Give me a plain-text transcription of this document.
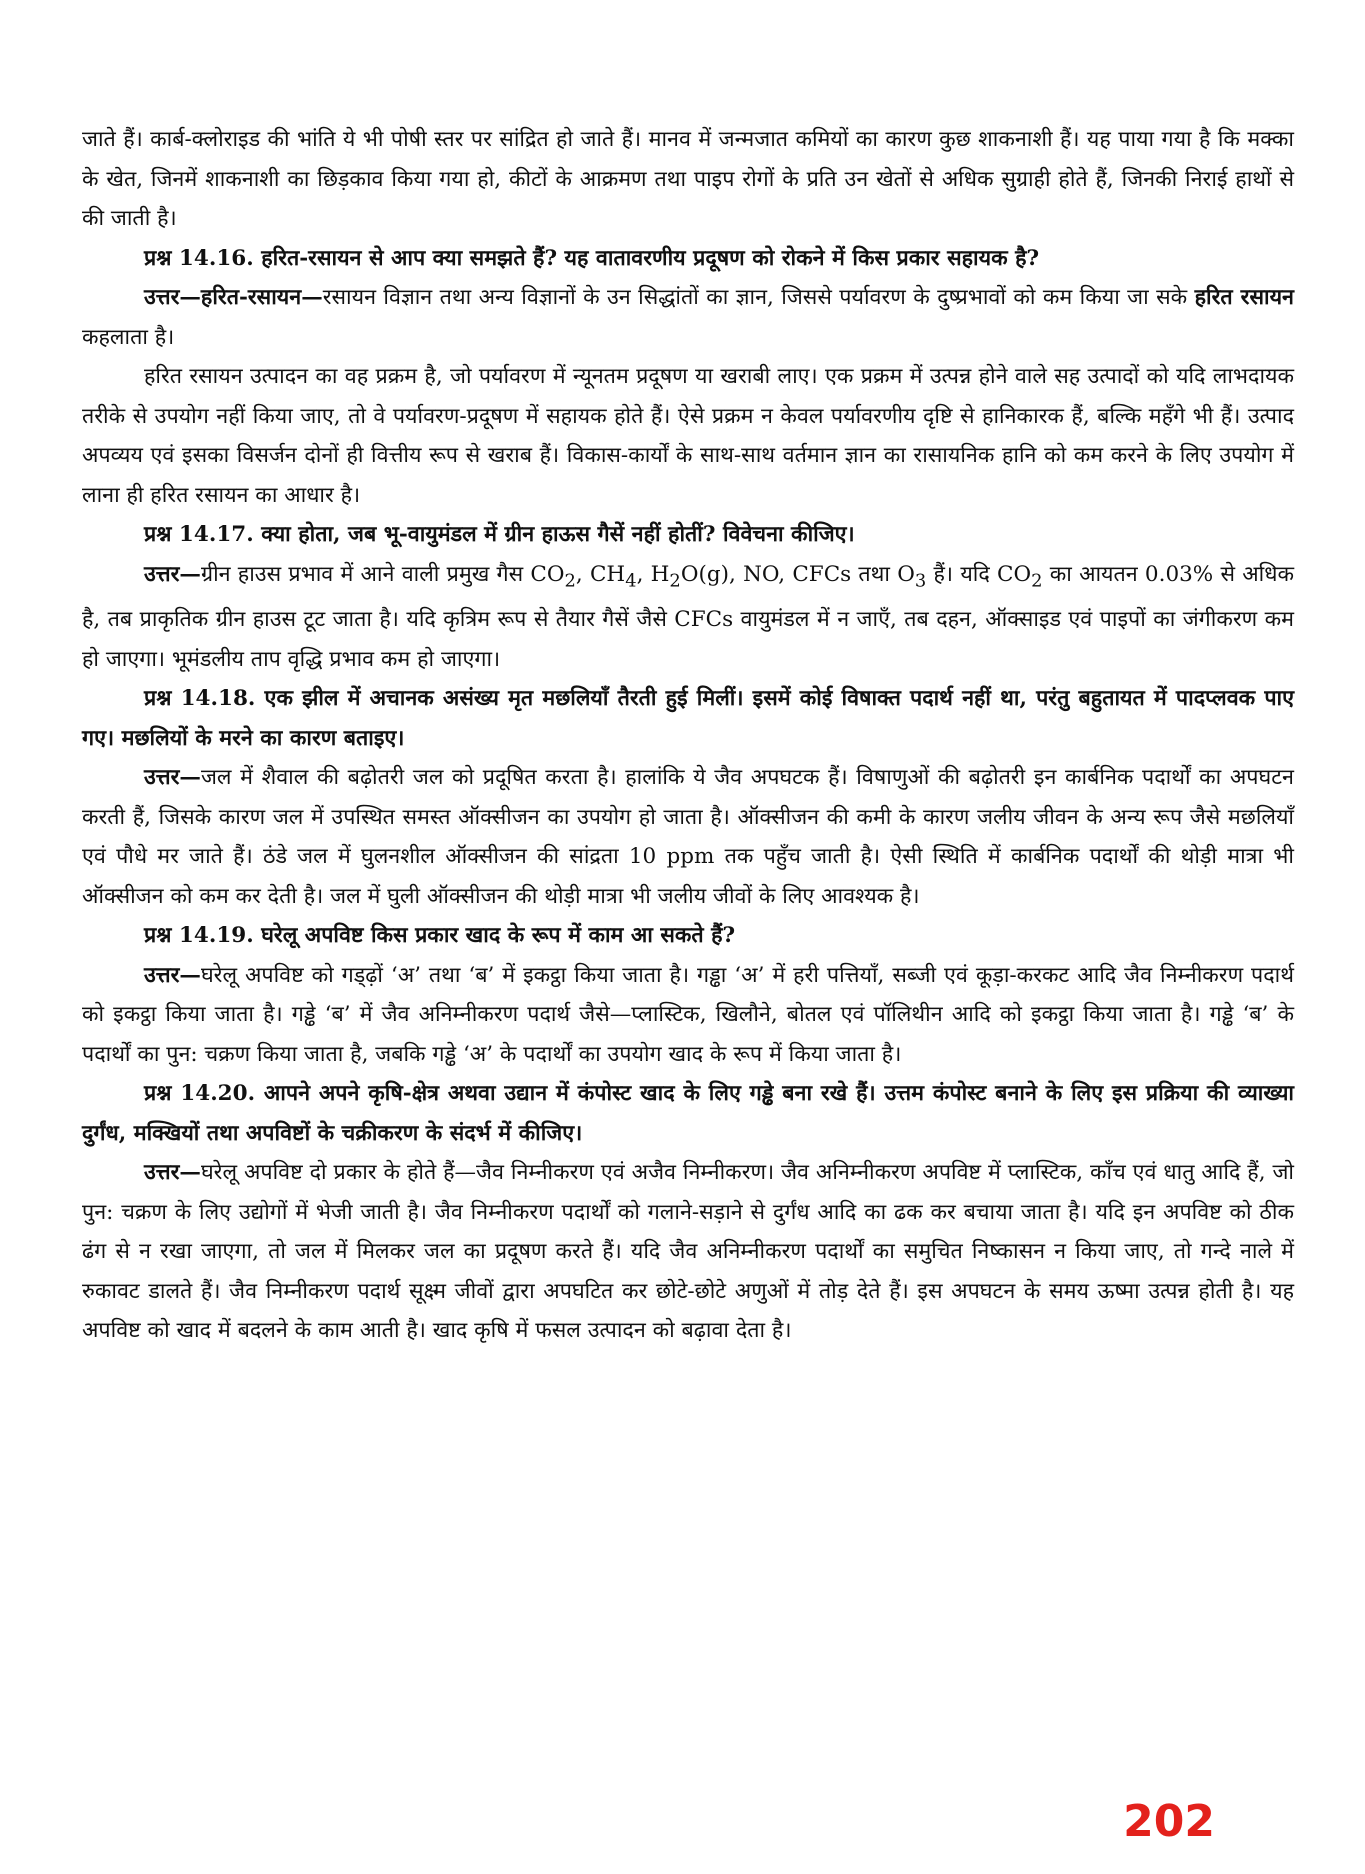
जाते हैं। कार्ब-क्लोराइड की भांति ये भी पोषी स्तर पर सांद्रित हो जाते हैं। मानव में जन्मजात कमियों का कारण कुछ शाकनाशी हैं। यह पाया गया है कि मक्का के खेत, जिनमें शाकनाशी का छिड़काव किया गया हो, कीटों के आक्रमण तथा पाइप रोगों के प्रति उन खेतों से अधिक सुग्राही होते हैं, जिनकी निराई हाथों से की जाती है।

प्रश्न 14.16. हरित-रसायन से आप क्या समझते हैं? यह वातावरणीय प्रदूषण को रोकने में किस प्रकार सहायक है?

उत्तर—हरित-रसायन—रसायन विज्ञान तथा अन्य विज्ञानों के उन सिद्धांतों का ज्ञान, जिससे पर्यावरण के दुष्प्रभावों को कम किया जा सके हरित रसायन कहलाता है।

हरित रसायन उत्पादन का वह प्रक्रम है, जो पर्यावरण में न्यूनतम प्रदूषण या खराबी लाए। एक प्रक्रम में उत्पन्न होने वाले सह उत्पादों को यदि लाभदायक तरीके से उपयोग नहीं किया जाए, तो वे पर्यावरण-प्रदूषण में सहायक होते हैं। ऐसे प्रक्रम न केवल पर्यावरणीय दृष्टि से हानिकारक हैं, बल्कि महँगे भी हैं। उत्पाद अपव्यय एवं इसका विसर्जन दोनों ही वित्तीय रूप से खराब हैं। विकास-कार्यों के साथ-साथ वर्तमान ज्ञान का रासायनिक हानि को कम करने के लिए उपयोग में लाना ही हरित रसायन का आधार है।

प्रश्न 14.17. क्या होता, जब भू-वायुमंडल में ग्रीन हाऊस गैसें नहीं होतीं? विवेचना कीजिए।

उत्तर—ग्रीन हाउस प्रभाव में आने वाली प्रमुख गैस $CO_2$, $CH_4$, $H_2O(g)$, NO, CFCs तथा $O_3$ हैं। यदि $CO_2$ का आयतन 0.03% से अधिक है, तब प्राकृतिक ग्रीन हाउस टूट जाता है। यदि कृत्रिम रूप से तैयार गैसें जैसे CFCs वायुमंडल में न जाएँ, तब दहन, ऑक्साइड एवं पाइपों का जंगीकरण कम हो जाएगा। भूमंडलीय ताप वृद्धि प्रभाव कम हो जाएगा।

प्रश्न 14.18. एक झील में अचानक असंख्य मृत मछलियाँ तैरती हुई मिलीं। इसमें कोई विषाक्त पदार्थ नहीं था, परंतु बहुतायत में पादप्लवक पाए गए। मछलियों के मरने का कारण बताइए।

उत्तर—जल में शैवाल की बढ़ोतरी जल को प्रदूषित करता है। हालांकि ये जैव अपघटक हैं। विषाणुओं की बढ़ोतरी इन कार्बनिक पदार्थों का अपघटन करती हैं, जिसके कारण जल में उपस्थित समस्त ऑक्सीजन का उपयोग हो जाता है। ऑक्सीजन की कमी के कारण जलीय जीवन के अन्य रूप जैसे मछलियाँ एवं पौधे मर जाते हैं। ठंडे जल में घुलनशील ऑक्सीजन की सांद्रता 10 ppm तक पहुँच जाती है। ऐसी स्थिति में कार्बनिक पदार्थों की थोड़ी मात्रा भी ऑक्सीजन को कम कर देती है। जल में घुली ऑक्सीजन की थोड़ी मात्रा भी जलीय जीवों के लिए आवश्यक है।

प्रश्न 14.19. घरेलू अपविष्ट किस प्रकार खाद के रूप में काम आ सकते हैं?

उत्तर—घरेलू अपविष्ट को गड्ढ़ों ‘अ’ तथा ‘ब’ में इकट्ठा किया जाता है। गड्ढा ‘अ’ में हरी पत्तियाँ, सब्जी एवं कूड़ा-करकट आदि जैव निम्नीकरण पदार्थ को इकट्ठा किया जाता है। गड्ढे ‘ब’ में जैव अनिम्नीकरण पदार्थ जैसे—प्लास्टिक, खिलौने, बोतल एवं पॉलिथीन आदि को इकट्ठा किया जाता है। गड्ढे ‘ब’ के पदार्थों का पुन: चक्रण किया जाता है, जबकि गड्ढे ‘अ’ के पदार्थों का उपयोग खाद के रूप में किया जाता है।

प्रश्न 14.20. आपने अपने कृषि-क्षेत्र अथवा उद्यान में कंपोस्ट खाद के लिए गड्ढे बना रखे हैं। उत्तम कंपोस्ट बनाने के लिए इस प्रक्रिया की व्याख्या दुर्गंध, मक्खियों तथा अपविष्टों के चक्रीकरण के संदर्भ में कीजिए।

उत्तर—घरेलू अपविष्ट दो प्रकार के होते हैं—जैव निम्नीकरण एवं अजैव निम्नीकरण। जैव अनिम्नीकरण अपविष्ट में प्लास्टिक, काँच एवं धातु आदि हैं, जो पुन: चक्रण के लिए उद्योगों में भेजी जाती है। जैव निम्नीकरण पदार्थों को गलाने-सड़ाने से दुर्गंध आदि का ढक कर बचाया जाता है। यदि इन अपविष्ट को ठीक ढंग से न रखा जाएगा, तो जल में मिलकर जल का प्रदूषण करते हैं। यदि जैव अनिम्नीकरण पदार्थों का समुचित निष्कासन न किया जाए, तो गन्दे नाले में रुकावट डालते हैं। जैव निम्नीकरण पदार्थ सूक्ष्म जीवों द्वारा अपघटित कर छोटे-छोटे अणुओं में तोड़ देते हैं। इस अपघटन के समय ऊष्मा उत्पन्न होती है। यह अपविष्ट को खाद में बदलने के काम आती है। खाद कृषि में फसल उत्पादन को बढ़ावा देता है।

202
